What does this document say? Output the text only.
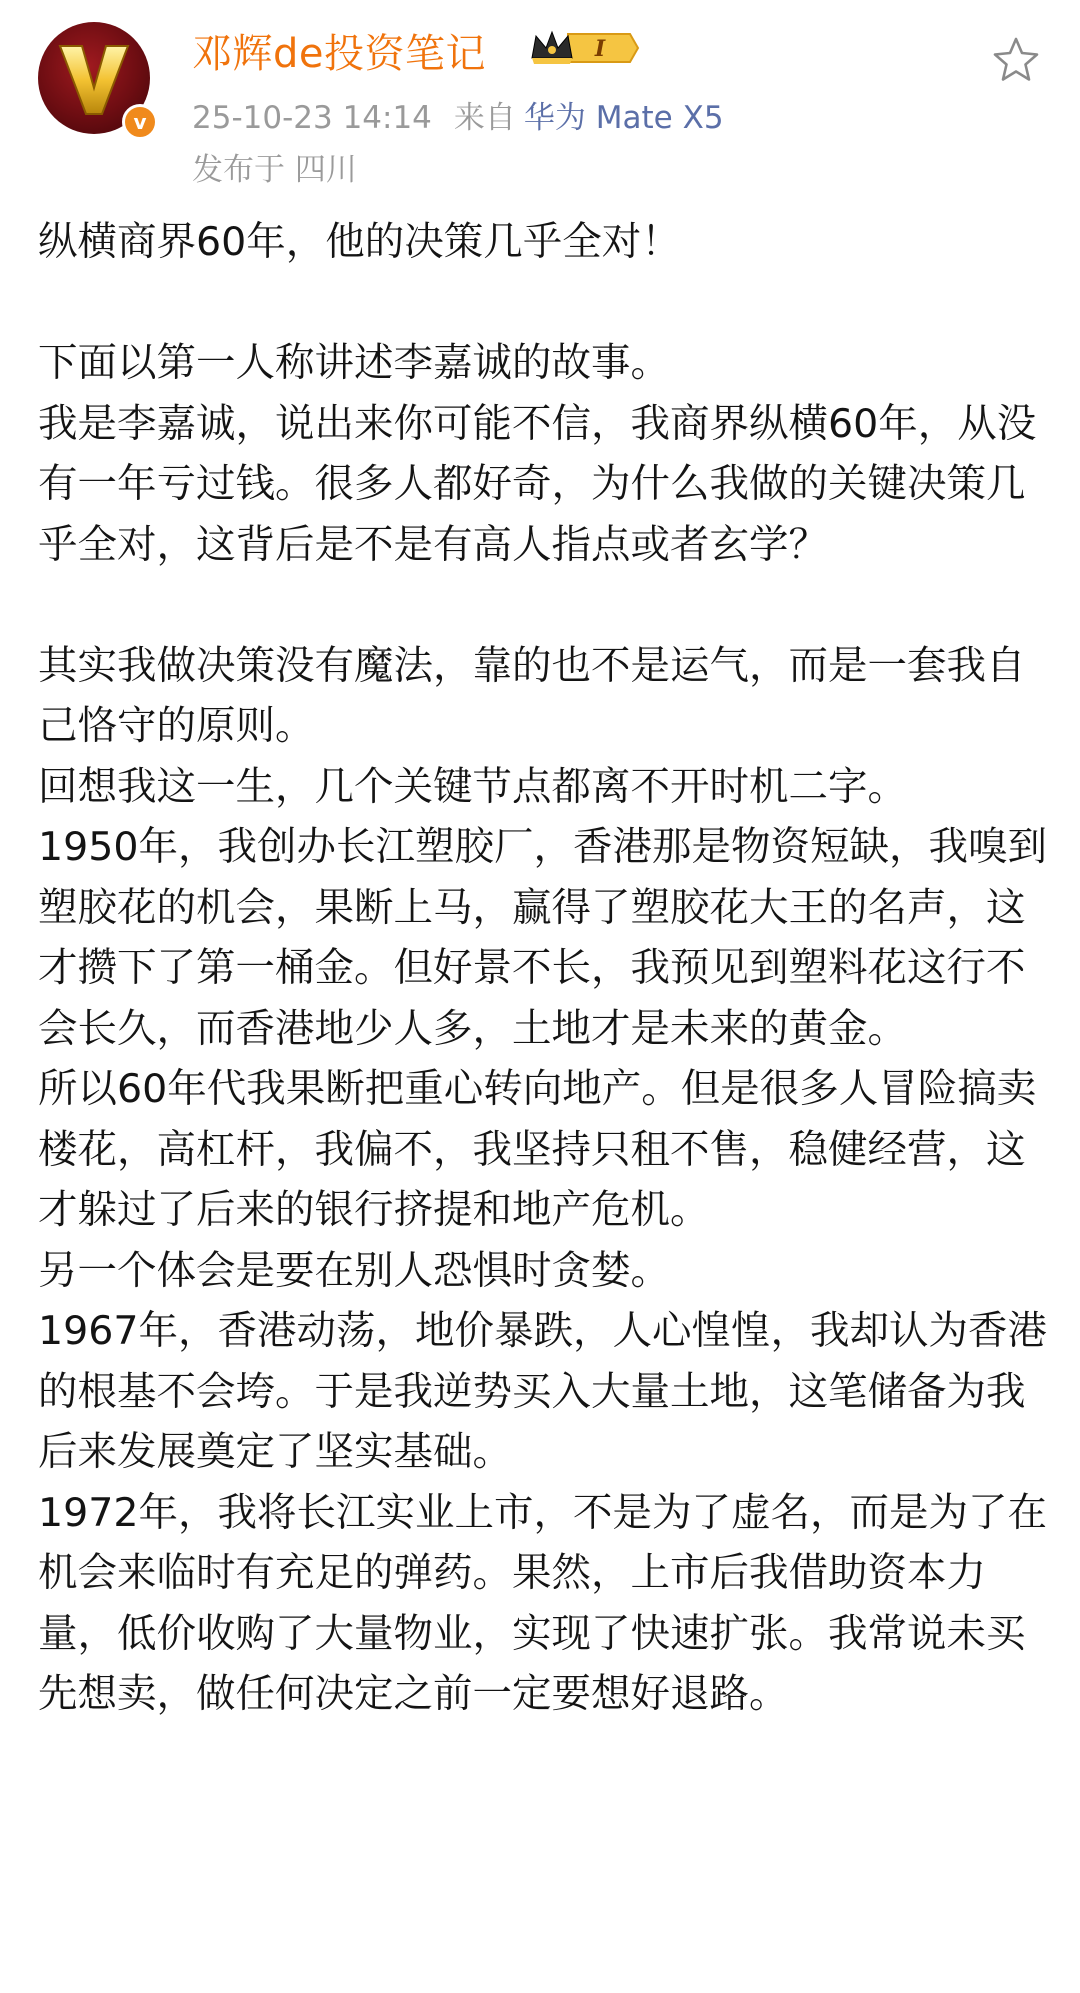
v
邓辉de投资笔记	I
25-10-23 14:14 来自 华为 Mate X5
发布于 四川
纵横商界60年，他的决策几乎全对！

下面以第一人称讲述李嘉诚的故事。
我是李嘉诚，说出来你可能不信，我商界纵横60年，从没有一年亏过钱。很多人都好奇，为什么我做的关键决策几乎全对，这背后是不是有高人指点或者玄学？

其实我做决策没有魔法，靠的也不是运气，而是一套我自己恪守的原则。
回想我这一生，几个关键节点都离不开时机二字。
1950年，我创办长江塑胶厂，香港那是物资短缺，我嗅到塑胶花的机会，果断上马，赢得了塑胶花大王的名声，这才攒下了第一桶金。但好景不长，我预见到塑料花这行不会长久，而香港地少人多，土地才是未来的黄金。
所以60年代我果断把重心转向地产。但是很多人冒险搞卖楼花，高杠杆，我偏不，我坚持只租不售，稳健经营，这才躲过了后来的银行挤提和地产危机。
另一个体会是要在别人恐惧时贪婪。
1967年，香港动荡，地价暴跌，人心惶惶，我却认为香港的根基不会垮。于是我逆势买入大量土地，这笔储备为我后来发展奠定了坚实基础。
1972年，我将长江实业上市，不是为了虚名，而是为了在机会来临时有充足的弹药。果然，上市后我借助资本力量，低价收购了大量物业，实现了快速扩张。我常说未买先想卖，做任何决定之前一定要想好退路。
